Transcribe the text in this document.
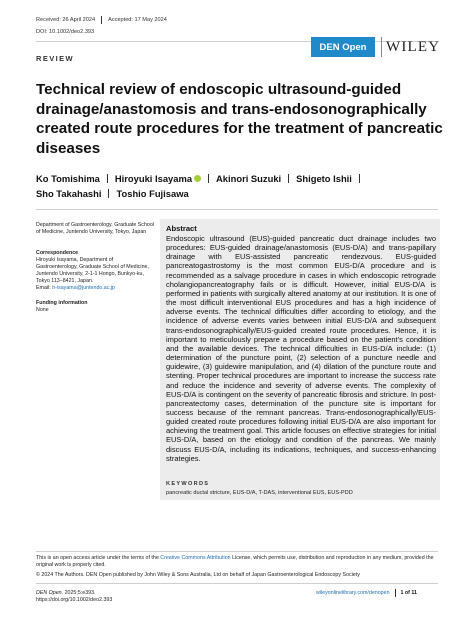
Received: 26 April 2024 Accepted: 17 May 2024
DOI: 10.1002/deo2.393
REVIEW
DEN Open	WILEY
Technical review of endoscopic ultrasound-guided drainage/anastomosis and trans-endosonographically created route procedures for the treatment of pancreatic diseases
Ko Tomishima Hiroyuki Isayama	Akinori Suzuki Shigeto Ishii
Sho Takahashi Toshio Fujisawa
Department of Gastroenterology, Graduate School of Medicine, Juntendo University, Tokyo, Japan
Correspondence
Hiroyuki Isayama, Department of Gastroenterology, Graduate School of Medicine, Juntendo University, 2-1-1 Hongo, Bunkyo-ku, Tokyo 113–8421, Japan.
Email: h-isayama@juntendo.ac.jp
Funding information
None
Abstract

Endoscopic ultrasound (EUS)-guided pancreatic duct drainage includes two procedures: EUS-guided drainage/anastomosis (EUS-D/A) and trans-papillary drainage with EUS-assisted pancreatic rendezvous. EUS-guided pancreatogastrostomy is the most common EUS-D/A procedure and is recommended as a salvage procedure in cases in which endoscopic retrograde cholangiopancreatography fails or is difficult. However, initial EUS-D/A is performed in patients with surgically altered anatomy at our institution. It is one of the most difficult interventional EUS procedures and has a high incidence of adverse events. The technical difficulties differ according to etiology, and the incidence of adverse events varies between initial EUS-D/A and subsequent trans-endosonographically/EUS-guided created route procedures. Hence, it is important to meticulously prepare a procedure based on the patient’s condition and the available devices. The technical difficulties in EUS-D/A include: (1) determination of the puncture point, (2) selection of a puncture needle and guidewire, (3) guidewire manipulation, and (4) dilation of the puncture route and stenting. Proper technical procedures are important to increase the success rate and reduce the incidence and severity of adverse events. The complexity of EUS-D/A is contingent on the severity of pancreatic fibrosis and stricture. In post-pancreatectomy cases, determination of the puncture site is important for success because of the remnant pancreas. Trans-endosonographically/EUS-guided created route procedures following initial EUS-D/A are also important for achieving the treatment goal. This article focuses on effective strategies for initial EUS-D/A, based on the etiology and condition of the pancreas. We mainly discuss EUS-D/A, including its indications, techniques, and success-enhancing strategies.

KEYWORDS
pancreatic ductal stricture, EUS-D/A, T-DAS, interventional EUS, EUS-PDD
This is an open access article under the terms of the Creative Commons Attribution License, which permits use, distribution and reproduction in any medium, provided the original work is properly cited.
© 2024 The Authors. DEN Open published by John Wiley & Sons Australia, Ltd on behalf of Japan Gastroenterological Endoscopy Society
DEN Open. 2025;5:e393.
https://doi.org/10.1002/deo2.393
wileyonlinelibrary.com/denopen 1 of 11
